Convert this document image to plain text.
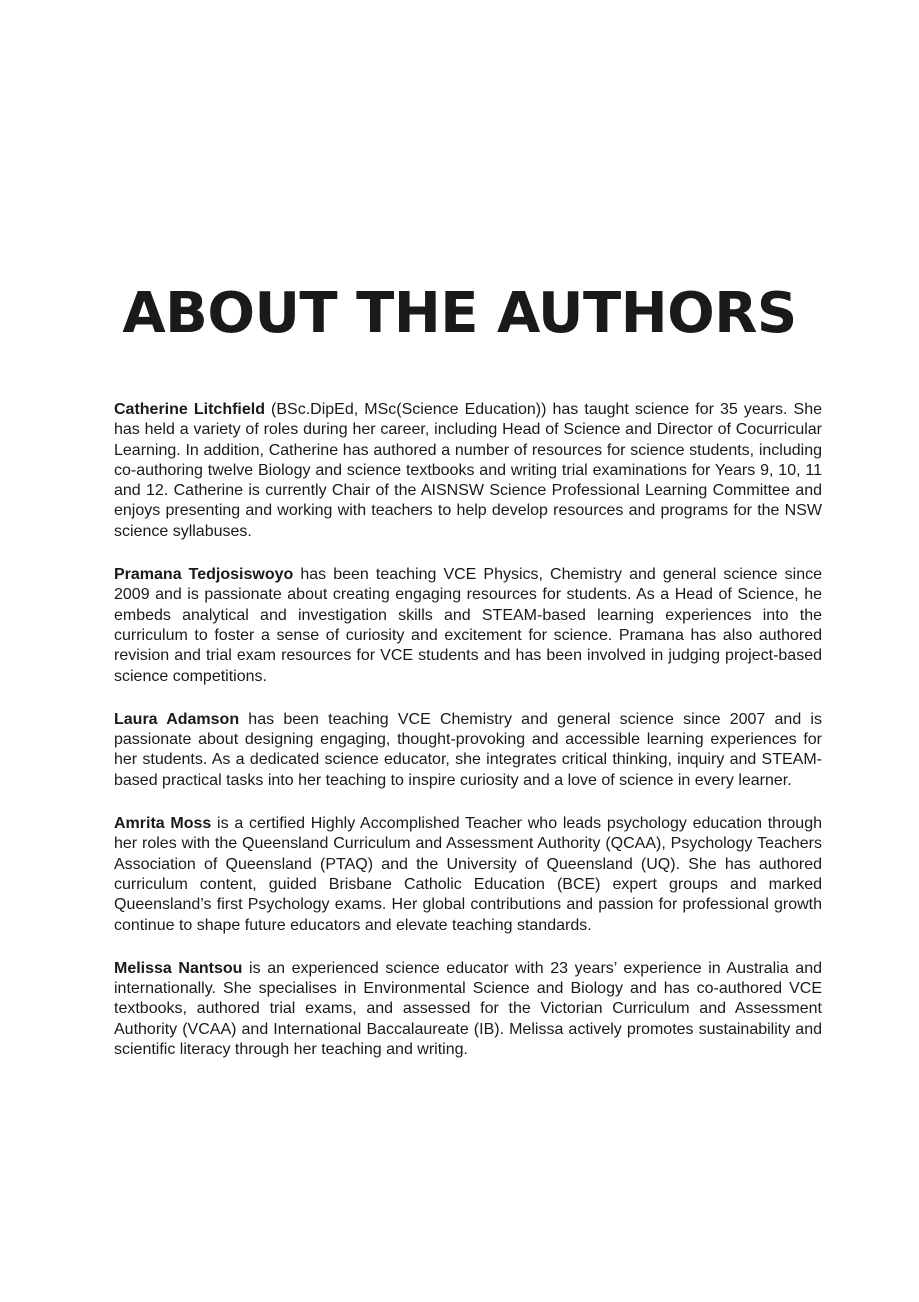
ABOUT THE AUTHORS

Catherine Litchfield (BSc.DipEd, MSc(Science Education)) has taught science for 35 years. She has held a variety of roles during her career, including Head of Science and Director of Cocurricular Learning. In addition, Catherine has authored a number of resources for science students, including co-authoring twelve Biology and science textbooks and writing trial examinations for Years 9, 10, 11 and 12. Catherine is currently Chair of the AISNSW Science Professional Learning Committee and enjoys presenting and working with teachers to help develop resources and programs for the NSW science syllabuses.

Pramana Tedjosiswoyo has been teaching VCE Physics, Chemistry and general science since 2009 and is passionate about creating engaging resources for students. As a Head of Science, he embeds analytical and investigation skills and STEAM-based learning experiences into the curriculum to foster a sense of curiosity and excitement for science. Pramana has also authored revision and trial exam resources for VCE students and has been involved in judging project-based science competitions.

Laura Adamson has been teaching VCE Chemistry and general science since 2007 and is passionate about designing engaging, thought-provoking and accessible learning experiences for her students. As a dedicated science educator, she integrates critical thinking, inquiry and STEAM-based practical tasks into her teaching to inspire curiosity and a love of science in every learner.

Amrita Moss is a certified Highly Accomplished Teacher who leads psychology education through her roles with the Queensland Curriculum and Assessment Authority (QCAA), Psychology Teachers Association of Queensland (PTAQ) and the University of Queensland (UQ). She has authored curriculum content, guided Brisbane Catholic Education (BCE) expert groups and marked Queensland’s first Psychology exams. Her global contributions and passion for professional growth continue to shape future educators and elevate teaching standards.

Melissa Nantsou is an experienced science educator with 23 years’ experience in Australia and internationally. She specialises in Environmental Science and Biology and has co-authored VCE textbooks, authored trial exams, and assessed for the Victorian Curriculum and Assessment Authority (VCAA) and International Baccalaureate (IB). Melissa actively promotes sustainability and scientific literacy through her teaching and writing.
